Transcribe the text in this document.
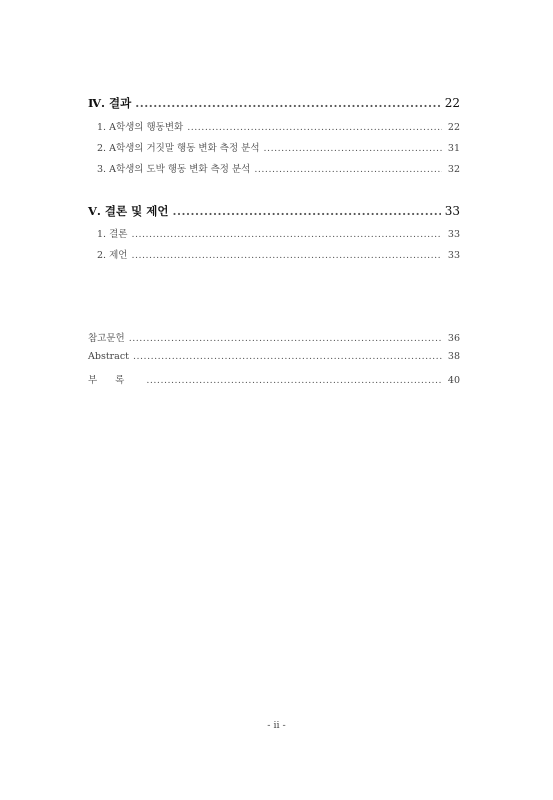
Ⅳ. 결과 .....	22
1. A학생의 행동변화 .....	22
2. A학생의 거짓말 행동 변화 측정 분석 .....	31
3. A학생의 도박 행동 변화 측정 분석 .....	32
Ⅴ. 결론 및 제언 .....	33
1. 결론 .....	33
2. 제언 .....	33
참고문헌 .....	36
Abstract .....	38
부록 .....	40
- ii -
